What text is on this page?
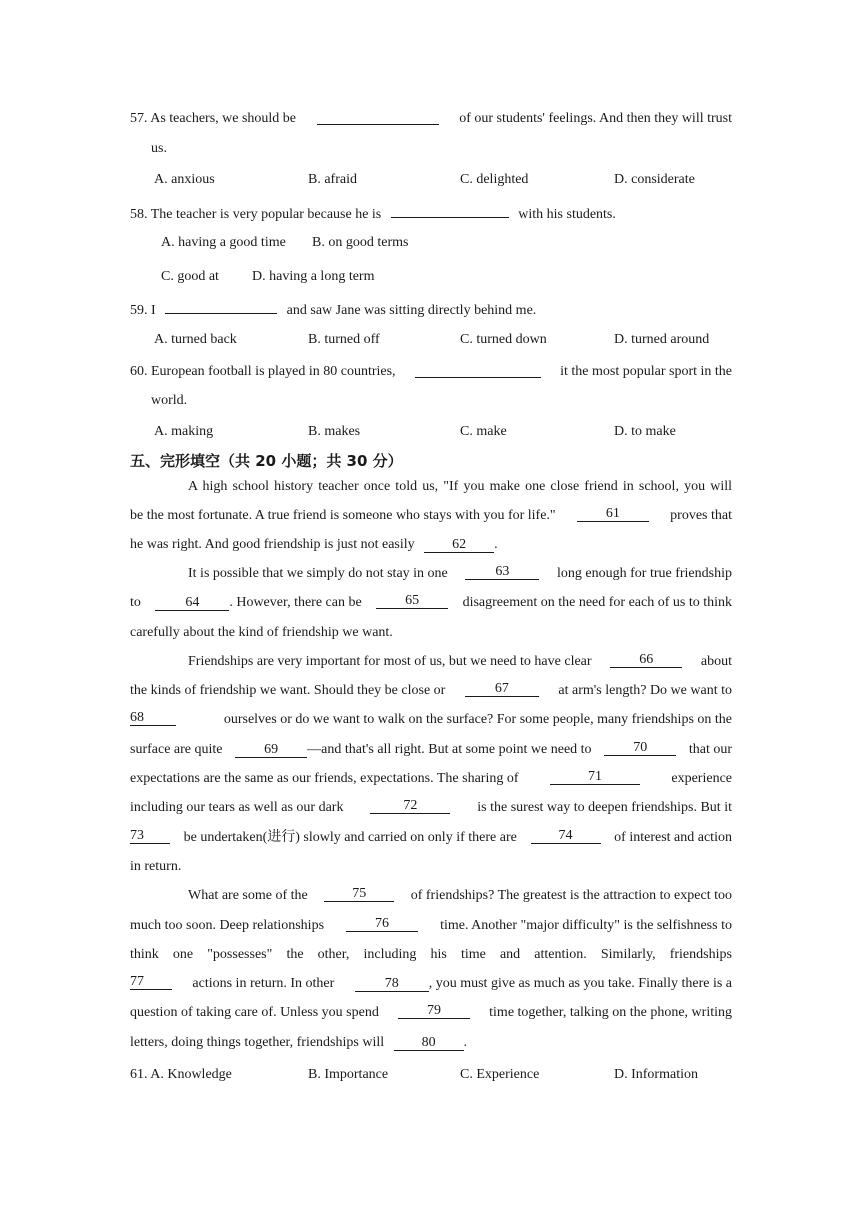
57. As teachers, we should be	of our students' feelings. And then they will trust
us.
A. anxious	B. afraid	C. delighted	D. considerate
58. The teacher is very popular because he is	with his students.
A. having a good time B. on good terms
C. good at D. having a long term
59. I	and saw Jane was sitting directly behind me.
A. turned back	B. turned off	C. turned down	D. turned around
60. European football is played in 80 countries,	it the most popular sport in the
world.
A. making	B. makes	C. make	D. to make
五、完形填空（共 20 小题；共 30 分）
A high school history teacher once told us, "If you make one close friend in school, you will
be the most fortunate. A true friend is someone who stays with you for life."	61	proves that
he was right. And good friendship is just not easily	62 .
It is possible that we simply do not stay in one	63	long enough for true friendship
to	64 . However, there can be	65	disagreement on the need for each of us to think
carefully about the kind of friendship we want.
Friendships are very important for most of us, but we need to have clear	66	about
the kinds of friendship we want. Should they be close or	67	at arm's length? Do we want to
68	ourselves or do we want to walk on the surface? For some people, many friendships on the
surface are quite	69 —and that's all right. But at some point we need to	70	that our
expectations are the same as our friends, expectations. The sharing of	71	experience
including our tears as well as our dark	72	is the surest way to deepen friendships. But it
73	be undertaken(进行) slowly and carried on only if there are	74	of interest and action
in return.
What are some of the	75	of friendships? The greatest is the attraction to expect too
much too soon. Deep relationships	76	time. Another "major difficulty" is the selfishness to
think one "possesses" the other, including his time and attention. Similarly, friendships
77	actions in return. In other	78 , you must give as much as you take. Finally there is a
question of taking care of. Unless you spend	79	time together, talking on the phone, writing
letters, doing things together, friendships will	80 .
61. A. Knowledge	B. Importance	C. Experience	D. Information
